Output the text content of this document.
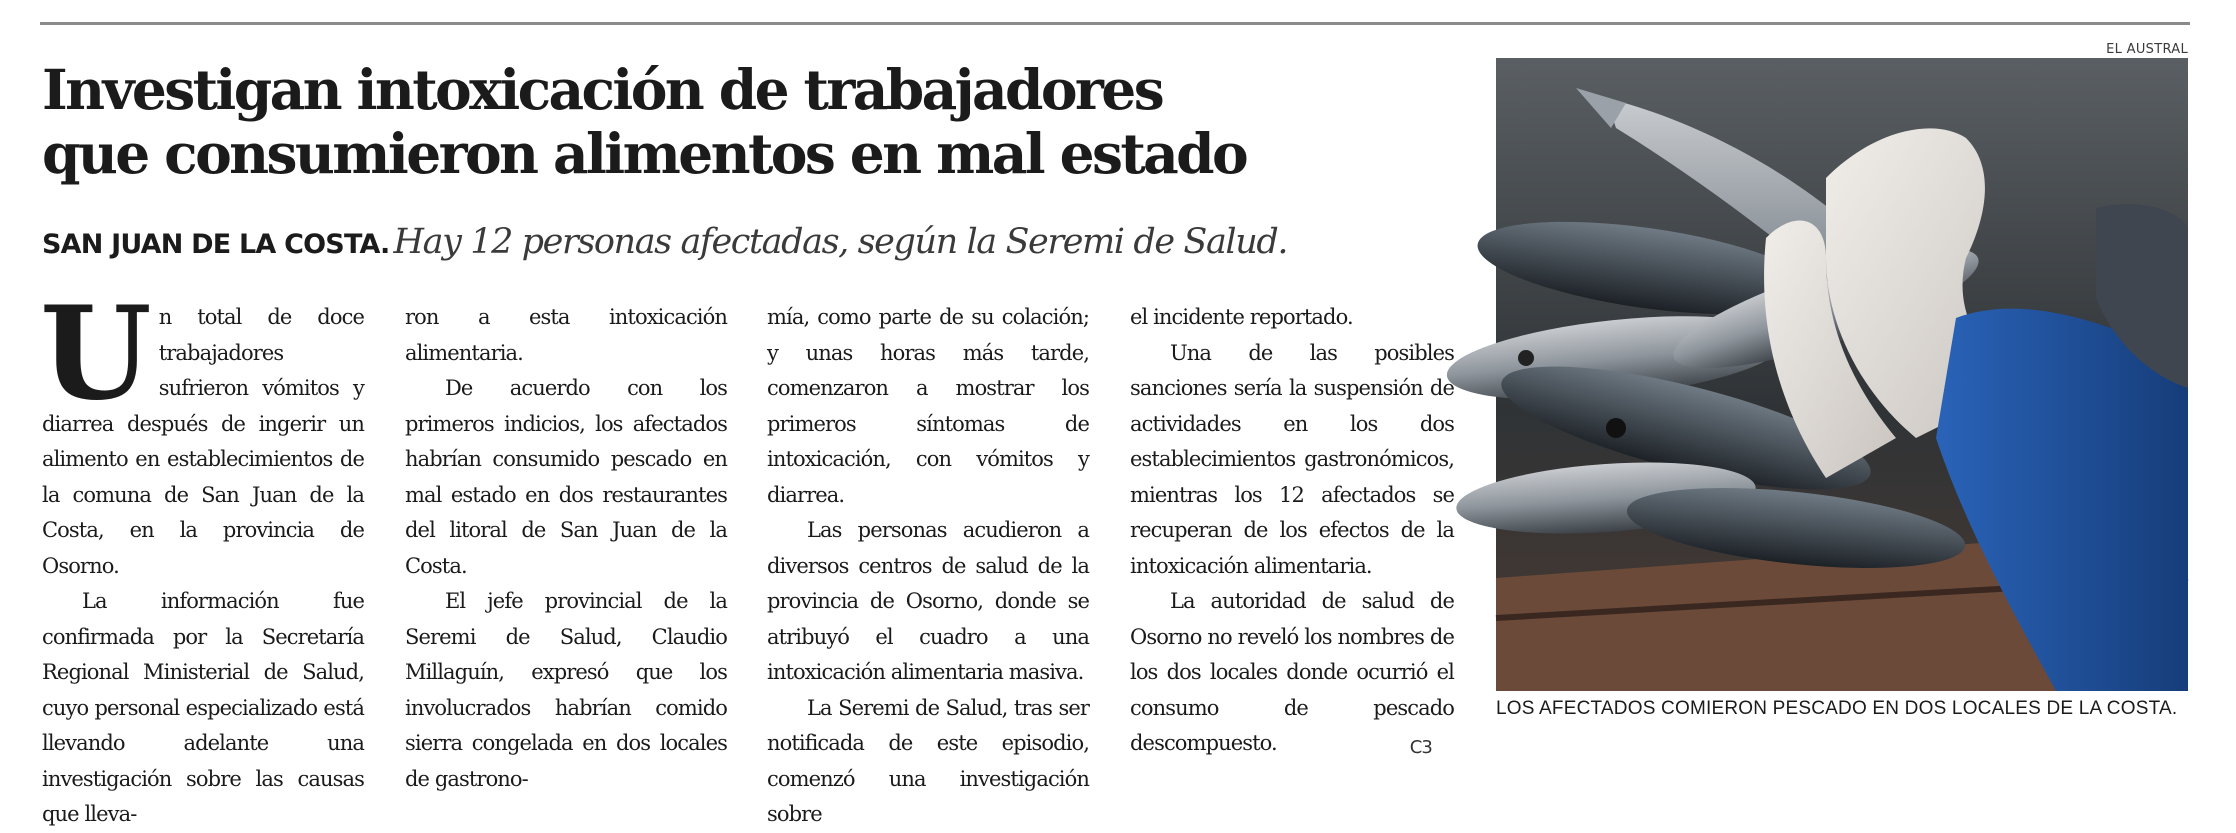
Investigan intoxicación de trabajadores
que consumieron alimentos en mal estado
SAN JUAN DE LA COSTA. Hay 12 personas afectadas, según la Seremi de Salud.

Un total de doce trabajadores sufrieron vómitos y diarrea después de ingerir un alimento en establecimientos de la comuna de San Juan de la Costa, en la provincia de Osorno.

La información fue confirmada por la Secretaría Regional Ministerial de Salud, cuyo personal especializado está llevando adelante una investigación sobre las causas que lleva-

ron a esta intoxicación alimentaria.

De acuerdo con los primeros indicios, los afectados habrían consumido pescado en mal estado en dos restaurantes del litoral de San Juan de la Costa.

El jefe provincial de la Seremi de Salud, Claudio Millaguín, expresó que los involucrados habrían comido sierra congelada en dos locales de gastrono-

mía, como parte de su colación; y unas horas más tarde, comenzaron a mostrar los primeros síntomas de intoxicación, con vómitos y diarrea.

Las personas acudieron a diversos centros de salud de la provincia de Osorno, donde se atribuyó el cuadro a una intoxicación alimentaria masiva.

La Seremi de Salud, tras ser notificada de este episodio, comenzó una investigación sobre

el incidente reportado.

Una de las posibles sanciones sería la suspensión de actividades en los dos establecimientos gastronómicos, mientras los 12 afectados se recuperan de los efectos de la intoxicación alimentaria.

La autoridad de salud de Osorno no reveló los nombres de los dos locales donde ocurrió el consumo de pescado descompuesto.	C3

EL AUSTRAL
LOS AFECTADOS COMIERON PESCADO EN DOS LOCALES DE LA COSTA.
